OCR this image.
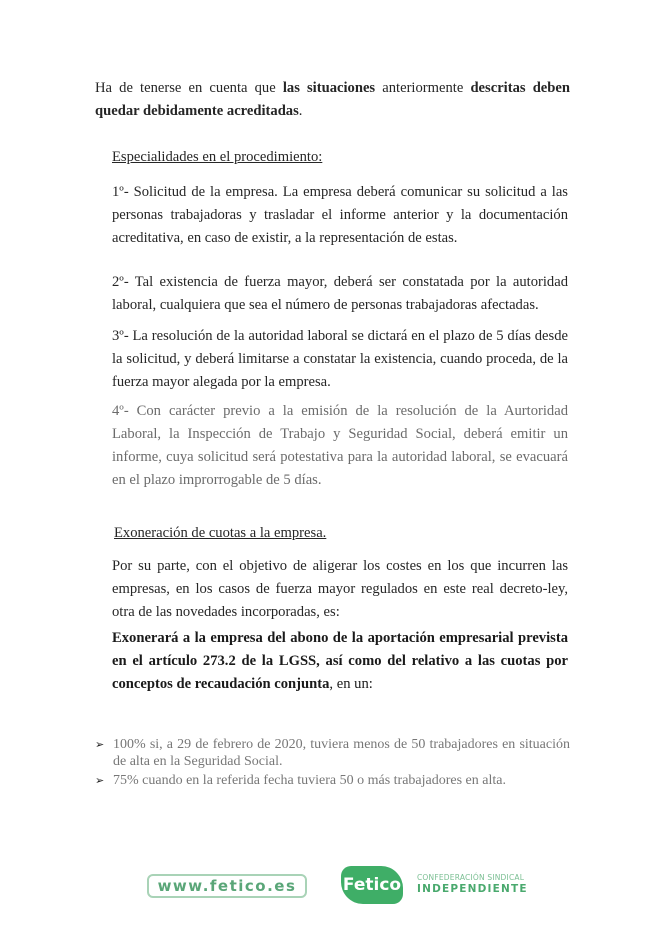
Ha de tenerse en cuenta que las situaciones anteriormente descritas deben quedar debidamente acreditadas.

Especialidades en el procedimiento:

1º- Solicitud de la empresa. La empresa deberá comunicar su solicitud a las personas trabajadoras y trasladar el informe anterior y la documentación acreditativa, en caso de existir, a la representación de estas.

2º- Tal existencia de fuerza mayor, deberá ser constatada por la autoridad laboral, cualquiera que sea el número de personas trabajadoras afectadas.

3º- La resolución de la autoridad laboral se dictará en el plazo de 5 días desde la solicitud, y deberá limitarse a constatar la existencia, cuando proceda, de la fuerza mayor alegada por la empresa.

4º- Con carácter previo a la emisión de la resolución de la Aurtoridad Laboral, la Inspección de Trabajo y Seguridad Social, deberá emitir un informe, cuya solicitud será potestativa para la autoridad laboral, se evacuará en el plazo improrrogable de 5 días.

Exoneración de cuotas a la empresa.

Por su parte, con el objetivo de aligerar los costes en los que incurren las empresas, en los casos de fuerza mayor regulados en este real decreto-ley, otra de las novedades incorporadas, es:

Exonerará a la empresa del abono de la aportación empresarial prevista en el artículo 273.2 de la LGSS, así como del relativo a las cuotas por conceptos de recaudación conjunta, en un:

➢ 100% si, a 29 de febrero de 2020, tuviera menos de 50 trabajadores en situación de alta en la Seguridad Social.
➢ 75% cuando en la referida fecha tuviera 50 o más trabajadores en alta.
www.fetico.es	Fetico CONFEDERACIÓN SINDICAL
INDEPENDIENTE
